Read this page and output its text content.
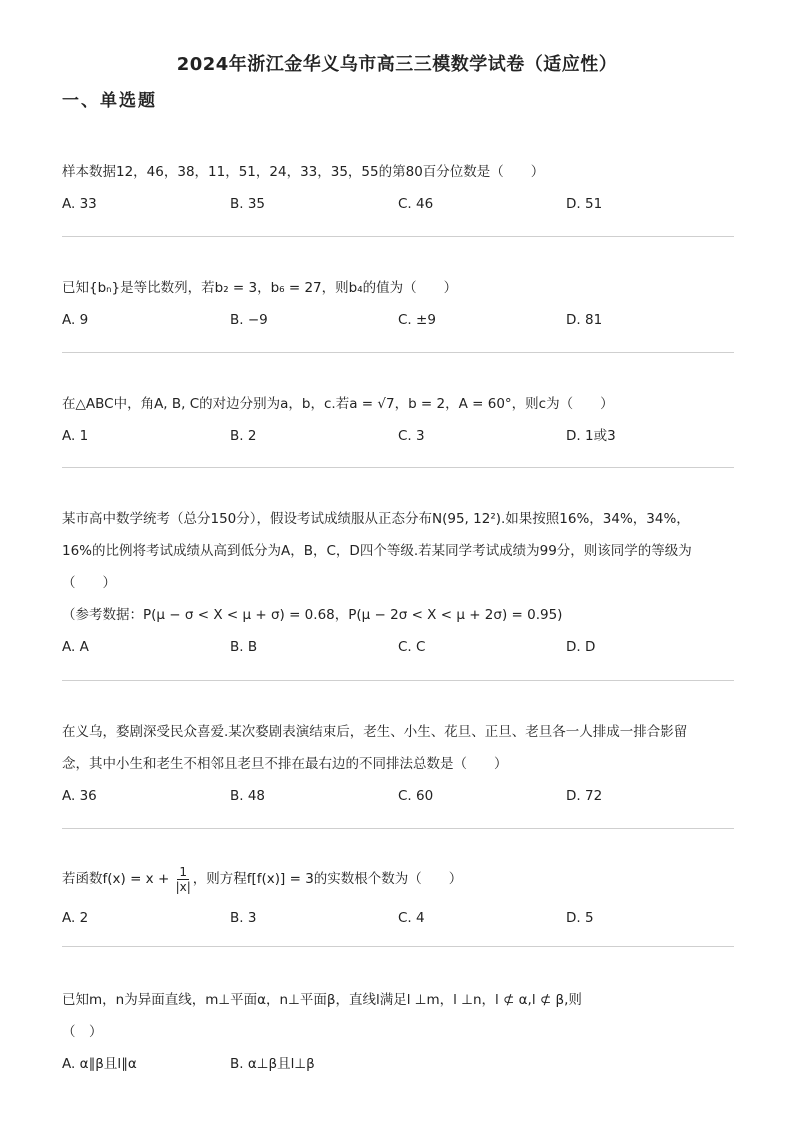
2024年浙江金华义乌市高三三模数学试卷（适应性）
一、单选题
样本数据12，46，38，11，51，24，33，35，55的第80百分位数是（　　）
A. 33	B. 35	C. 46	D. 51
已知{bₙ}是等比数列，若b₂ = 3，b₆ = 27，则b₄的值为（　　）
A. 9	B. −9	C. ±9	D. 81
在△ABC中，角A, B, C的对边分别为a，b，c.若a = √7，b = 2，A = 60°，则c为（　　）
A. 1	B. 2	C. 3	D. 1或3
某市高中数学统考（总分150分），假设考试成绩服从正态分布N(95, 12²).如果按照16%，34%，34%，
16%的比例将考试成绩从高到低分为A，B，C，D四个等级.若某同学考试成绩为99分，则该同学的等级为
（　　）
（参考数据：P(μ − σ < X < μ + σ) = 0.68，P(μ − 2σ < X < μ + 2σ) = 0.95)
A. A	B. B	C. C	D. D
在义乌，婺剧深受民众喜爱.某次婺剧表演结束后，老生、小生、花旦、正旦、老旦各一人排成一排合影留
念，其中小生和老生不相邻且老旦不排在最右边的不同排法总数是（　　）
A. 36	B. 48	C. 60	D. 72
若函数$f(x) = x + \frac{1}{|x|}$ ，则方程f[f(x)] = 3的实数根个数为（　　）
A. 2	B. 3	C. 4	D. 5
已知m，n为异面直线，m⊥平面α，n⊥平面β，直线l满足l ⊥m，l ⊥n，l ⊄ α,l ⊄ β,则
（　）
A. α∥β且l∥α	B. α⊥β且l⊥β
